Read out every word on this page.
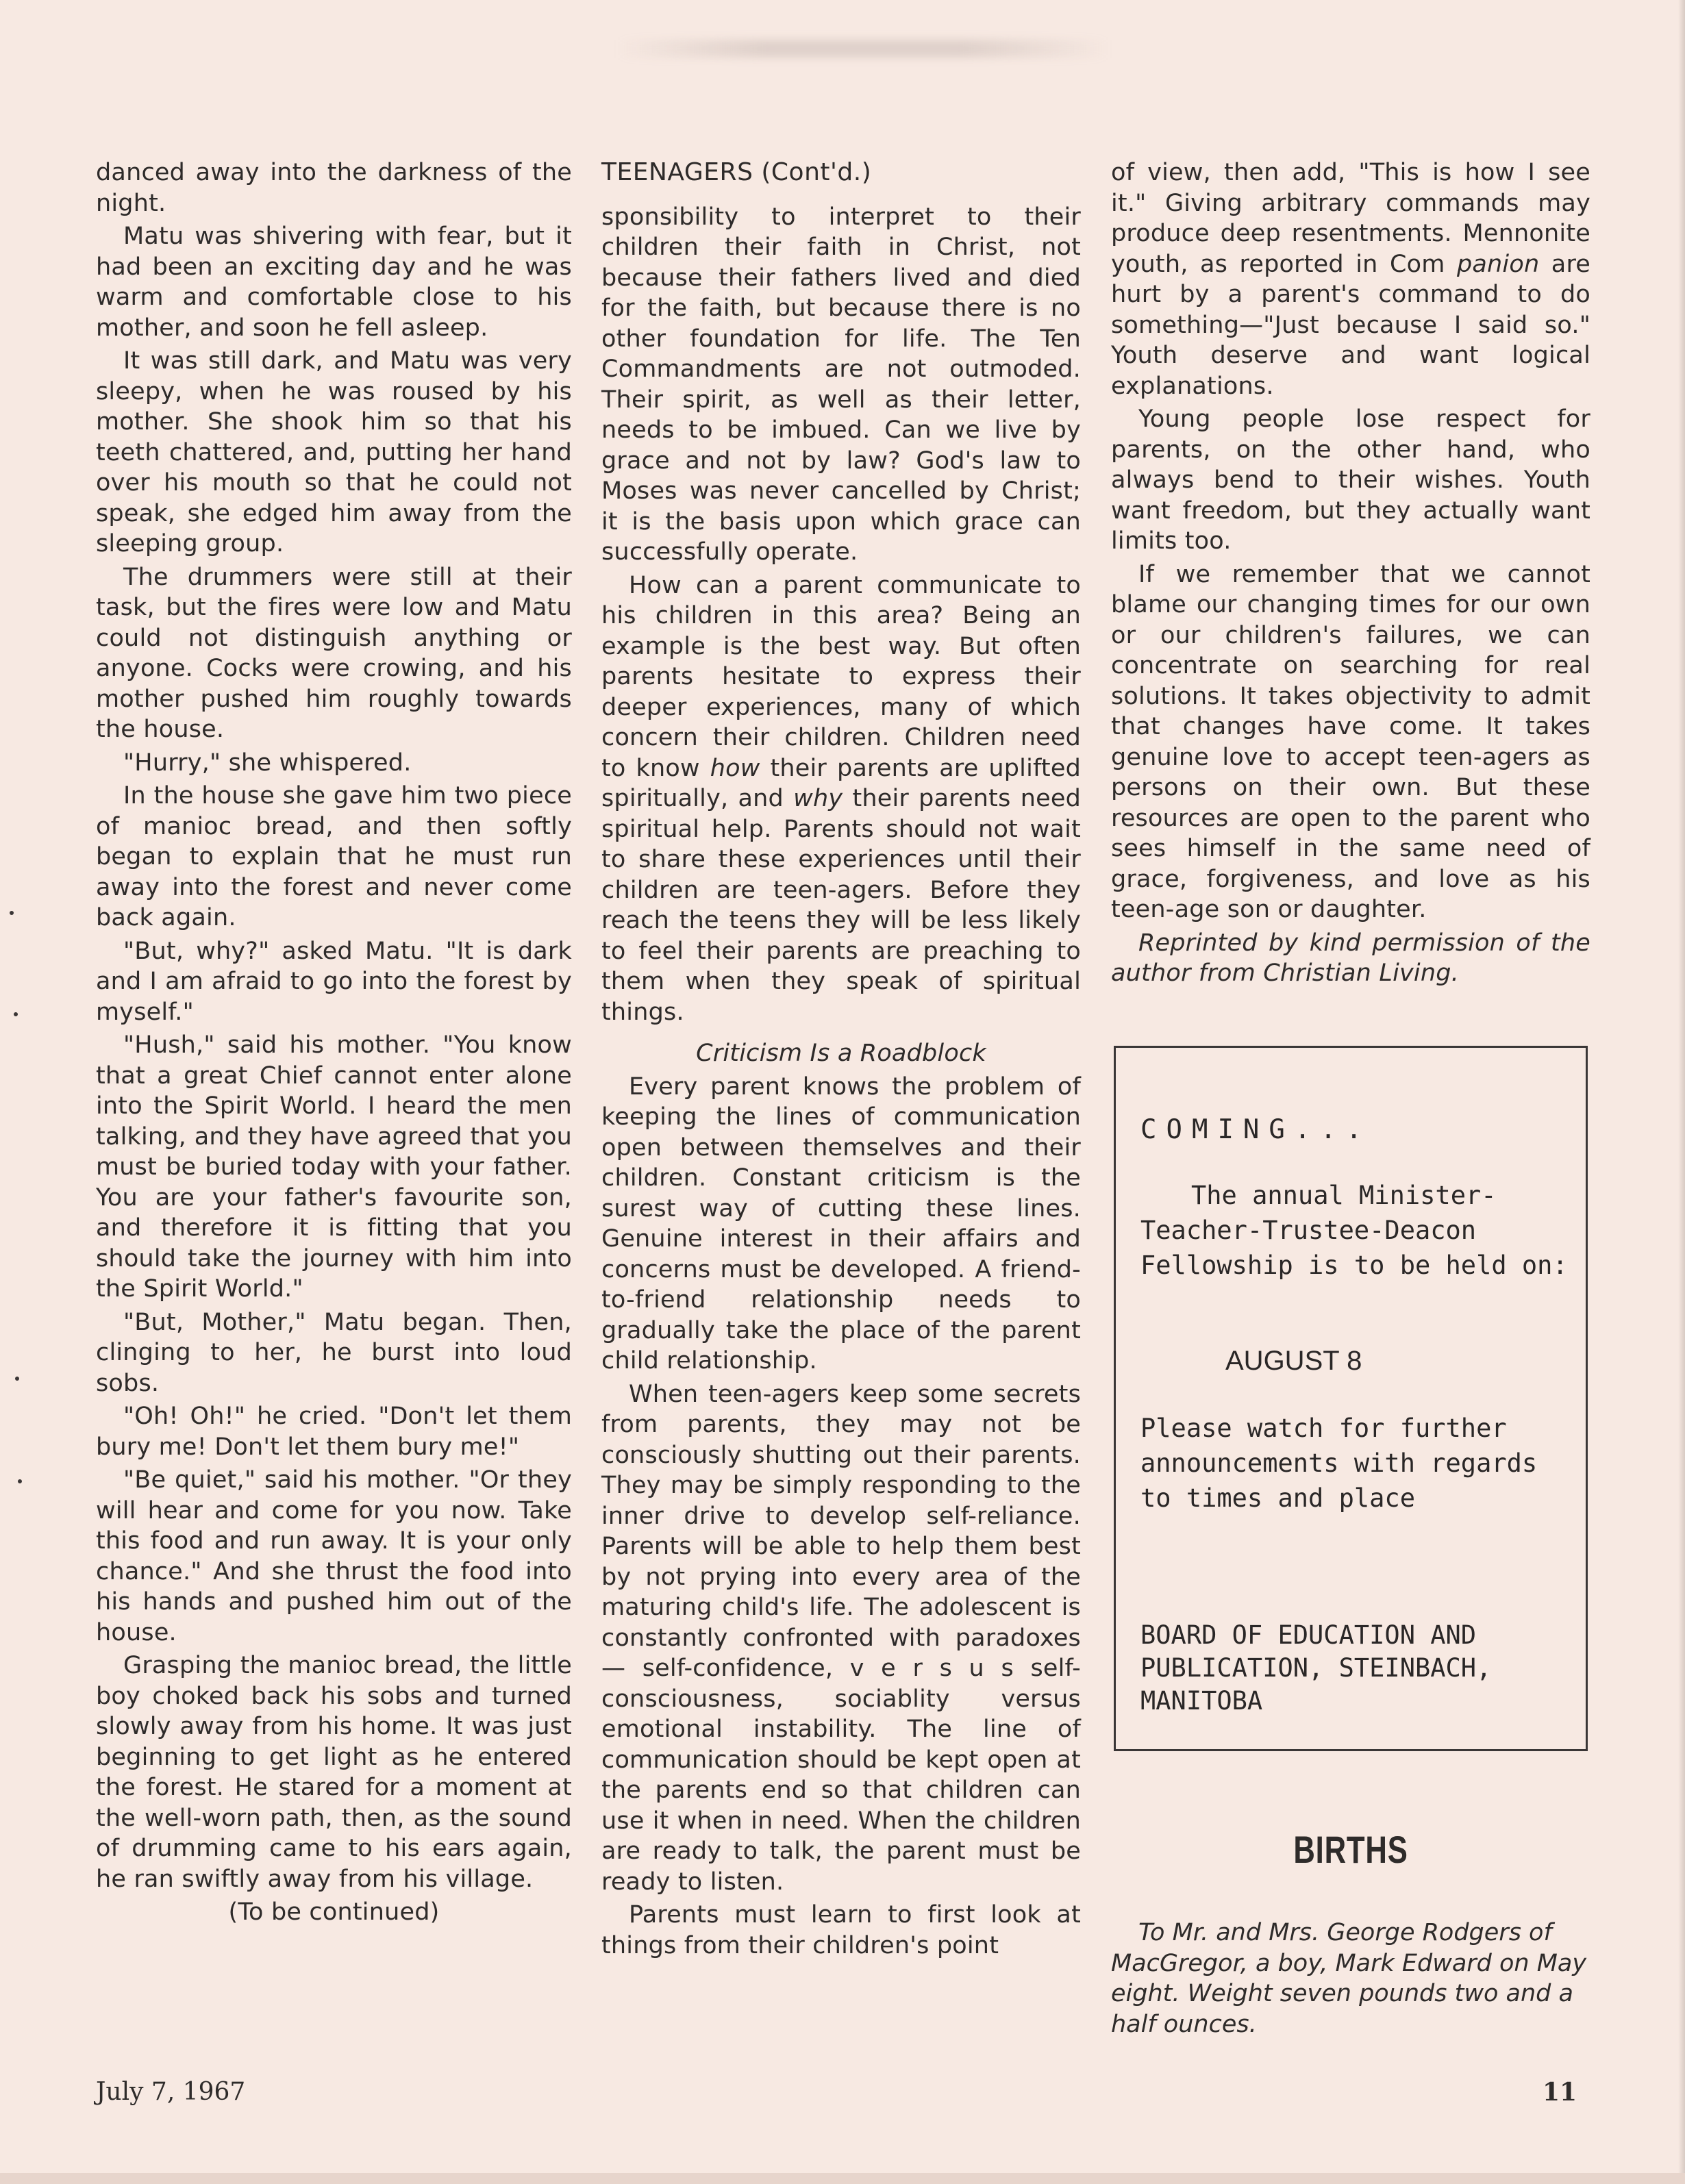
danced away into the darkness of the night.

Matu was shivering with fear, but it had been an exciting day and he was warm and comfortable close to his mother, and soon he fell asleep.

It was still dark, and Matu was very sleepy, when he was roused by his mother. She shook him so that his teeth chattered, and, putting her hand over his mouth so that he could not speak, she edged him away from the sleeping group.

The drummers were still at their task, but the fires were low and Matu could not distinguish anything or anyone. Cocks were crowing, and his mother pushed him roughly towards the house.

"Hurry," she whispered.

In the house she gave him two piece of manioc bread, and then softly began to explain that he must run away into the forest and never come back again.

"But, why?" asked Matu. "It is dark and I am afraid to go into the forest by myself."

"Hush," said his mother. "You know that a great Chief cannot enter alone into the Spirit World. I heard the men talking, and they have agreed that you must be buried today with your father. You are your father's favourite son, and therefore it is fitting that you should take the journey with him into the Spirit World."

"But, Mother," Matu began. Then, clinging to her, he burst into loud sobs.

"Oh! Oh!" he cried. "Don't let them bury me! Don't let them bury me!"

"Be quiet," said his mother. "Or they will hear and come for you now. Take this food and run away. It is your only chance." And she thrust the food into his hands and pushed him out of the house.

Grasping the manioc bread, the little boy choked back his sobs and turned slowly away from his home. It was just beginning to get light as he entered the forest. He stared for a moment at the well-worn path, then, as the sound of drumming came to his ears again, he ran swiftly away from his village.

(To be continued)
TEENAGERS (Cont'd.)

sponsibility to interpret to their children their faith in Christ, not because their fathers lived and died for the faith, but because there is no other foundation for life. The Ten Commandments are not outmoded. Their spirit, as well as their letter, needs to be imbued. Can we live by grace and not by law? God's law to Moses was never cancelled by Christ; it is the basis upon which grace can successfully operate.

How can a parent communicate to his children in this area? Being an example is the best way. But often parents hesitate to express their deeper experiences, many of which concern their children. Children need to know how their parents are uplifted spiritually, and why their parents need spiritual help. Parents should not wait to share these experiences until their children are teen-agers. Before they reach the teens they will be less likely to feel their parents are preaching to them when they speak of spiritual things.

Criticism Is a Roadblock

Every parent knows the problem of keeping the lines of communication open between themselves and their children. Constant criticism is the surest way of cutting these lines. Genuine interest in their affairs and concerns must be developed. A friend-to-friend relationship needs to gradually take the place of the parent child relationship.

When teen-agers keep some secrets from parents, they may not be consciously shutting out their parents. They may be simply responding to the inner drive to develop self-reliance. Parents will be able to help them best by not prying into every area of the maturing child's life. The adolescent is constantly confronted with paradoxes— self-confidence, v e r s u s self-consciousness, sociablity versus emotional instability. The line of communication should be kept open at the parents end so that children can use it when in need. When the children are ready to talk, the parent must be ready to listen.

Parents must learn to first look at things from their children's point

of view, then add, "This is how I see it." Giving arbitrary commands may produce deep resentments. Mennonite youth, as reported in Com panion are hurt by a parent's command to do something—"Just because I said so." Youth deserve and want logical explanations.

Young people lose respect for parents, on the other hand, who always bend to their wishes. Youth want freedom, but they actually want limits too.

If we remember that we cannot blame our changing times for our own or our children's failures, we can concentrate on searching for real solutions. It takes objectivity to admit that changes have come. It takes genuine love to accept teen-agers as persons on their own. But these resources are open to the parent who sees himself in the same need of grace, forgiveness, and love as his teen-age son or daughter.

Reprinted by kind permission of the author from Christian Living.

COMING...
The annual Minister-Teacher-Trustee-Deacon Fellowship is to be held on:
AUGUST 8
Please watch for further announcements with regards to times and place
BOARD OF EDUCATION AND PUBLICATION, STEINBACH, MANITOBA
BIRTHS
To Mr. and Mrs. George Rodgers of MacGregor, a boy, Mark Edward on May eight. Weight seven pounds two and a half ounces.
July 7, 1967	11
